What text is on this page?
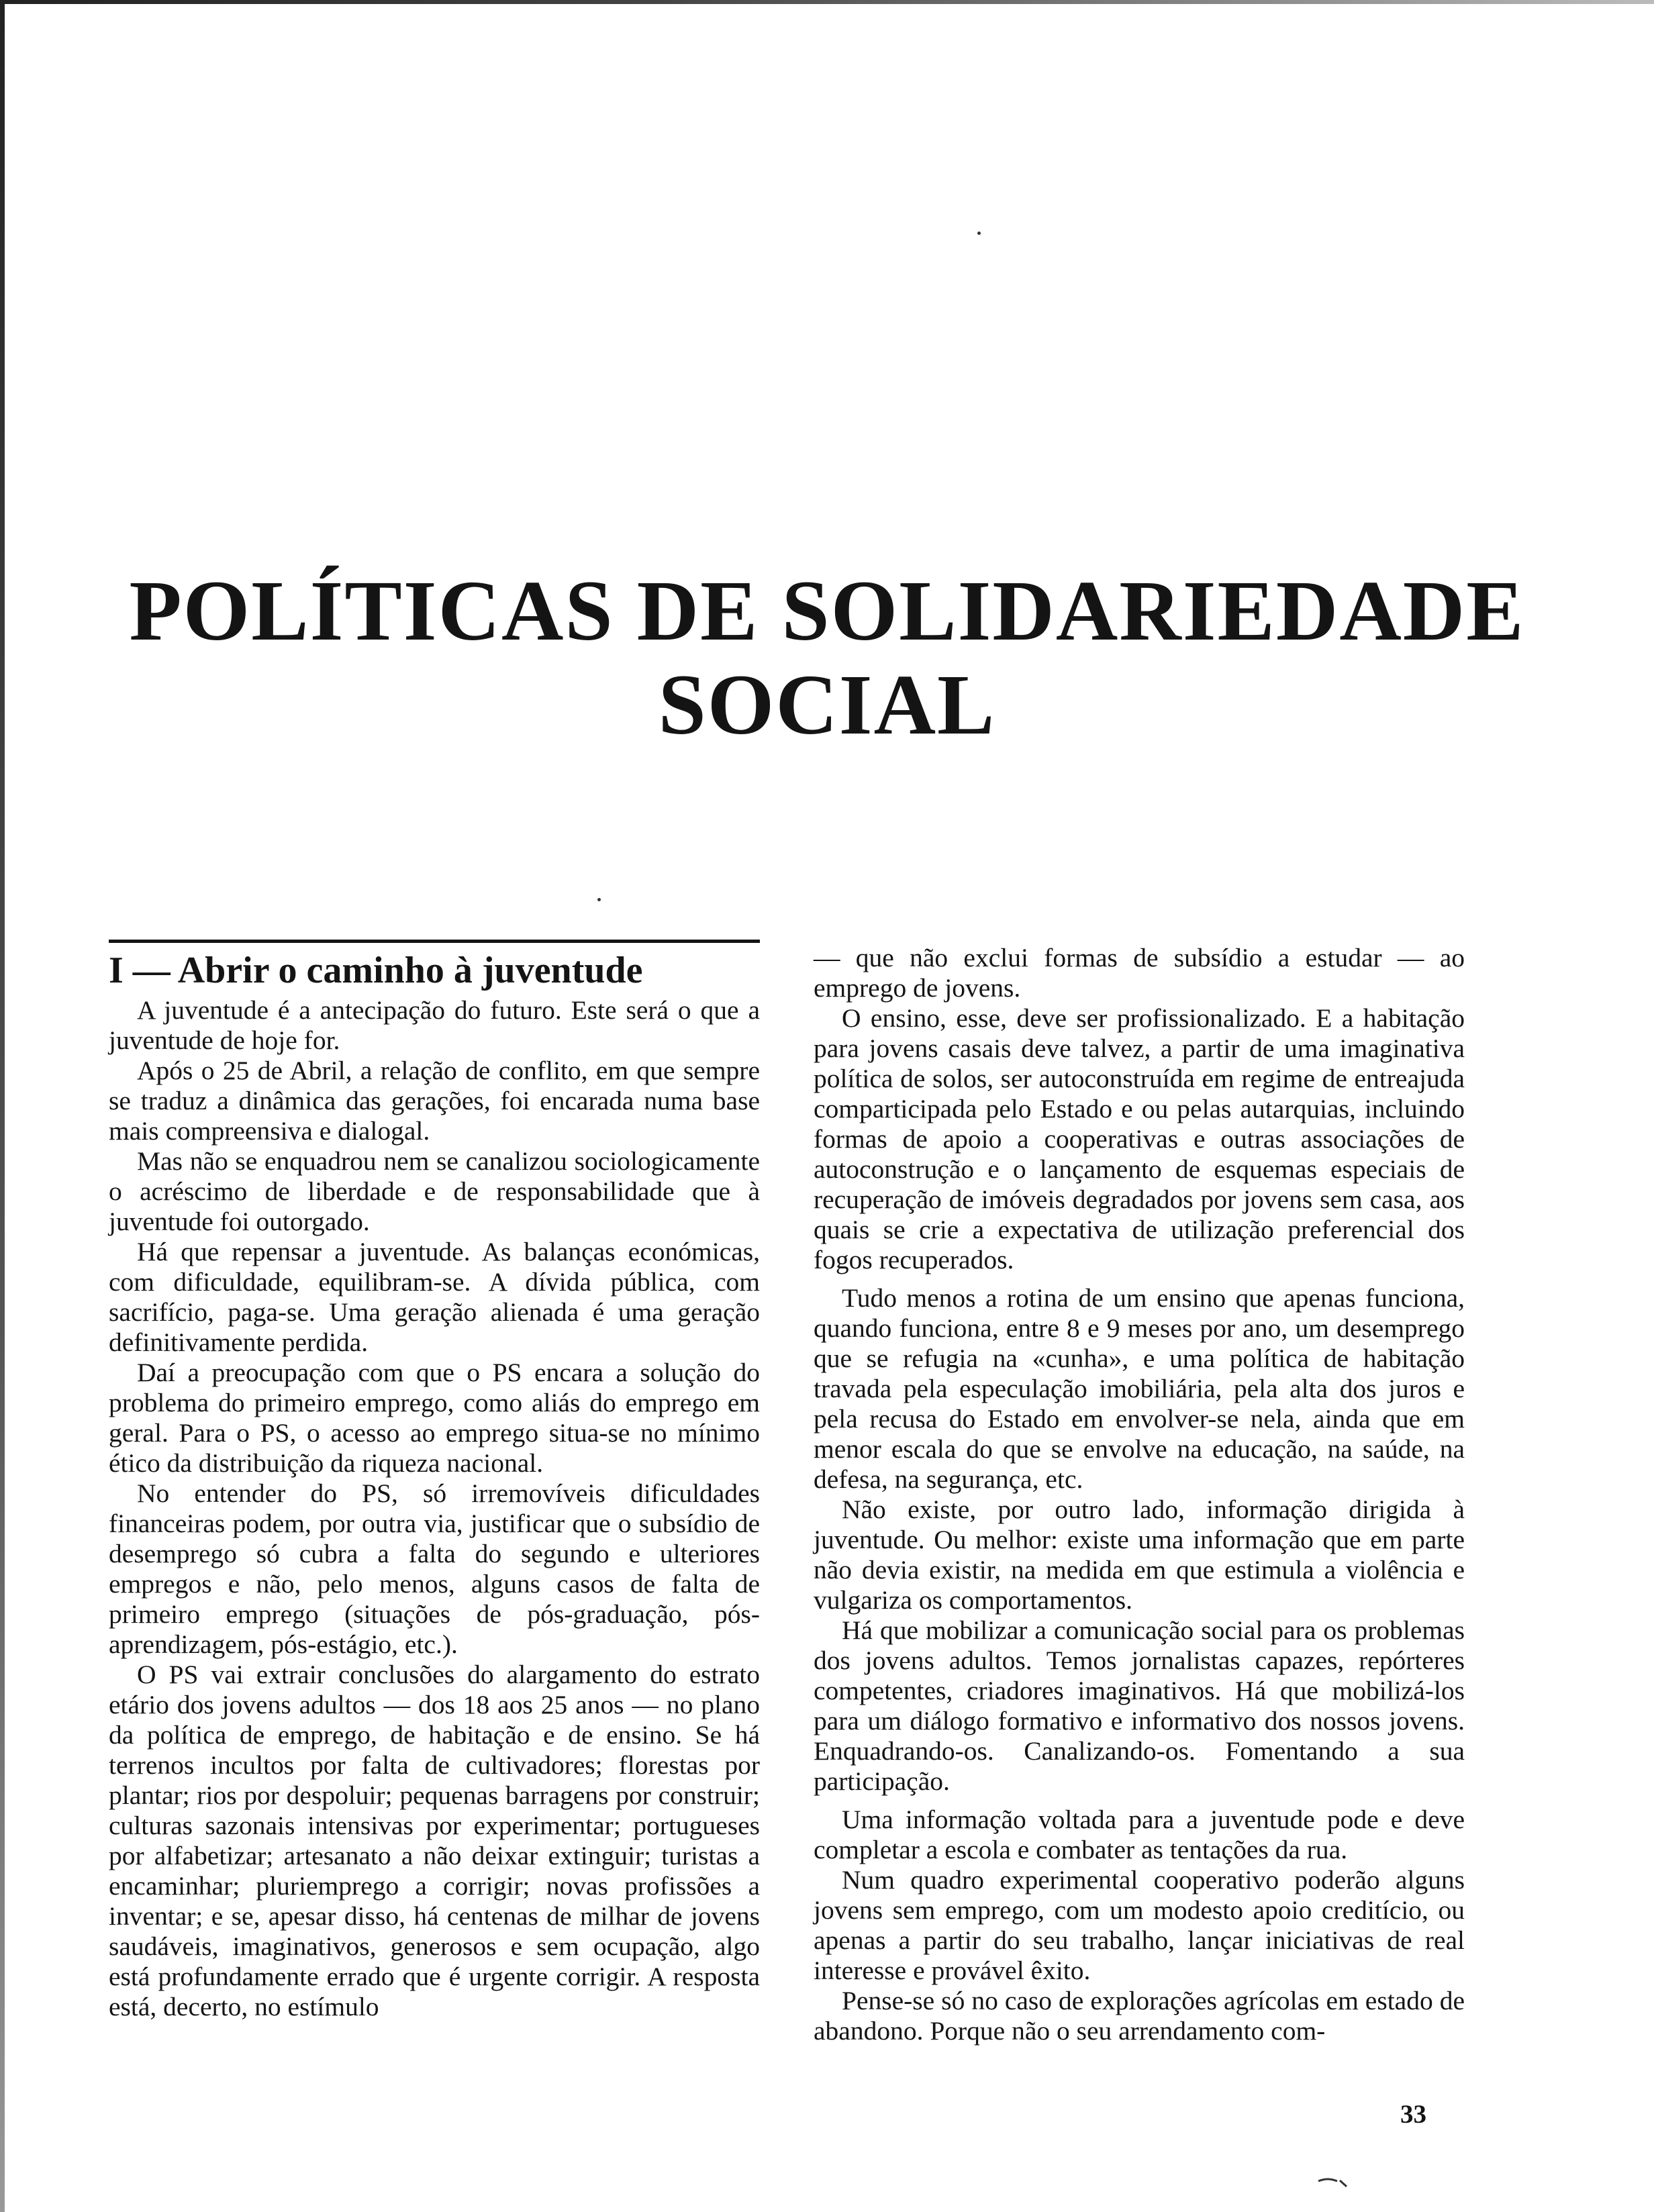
POLÍTICAS DE SOLIDARIEDADE
SOCIAL
I — Abrir o caminho à juventude

A juventude é a antecipação do futuro. Este será o que a juventude de hoje for.

Após o 25 de Abril, a relação de conflito, em que sempre se traduz a dinâmica das gerações, foi encarada numa base mais compreensiva e dialogal.

Mas não se enquadrou nem se canalizou sociologicamente o acréscimo de liberdade e de responsabilidade que à juventude foi outorgado.

Há que repensar a juventude. As balanças económicas, com dificuldade, equilibram-se. A dívida pública, com sacrifício, paga-se. Uma geração alienada é uma geração definitivamente perdida.

Daí a preocupação com que o PS encara a solução do problema do primeiro emprego, como aliás do emprego em geral. Para o PS, o acesso ao emprego situa-se no mínimo ético da distribuição da riqueza nacional.

No entender do PS, só irremovíveis dificuldades financeiras podem, por outra via, justificar que o subsídio de desemprego só cubra a falta do segundo e ulteriores empregos e não, pelo menos, alguns casos de falta de primeiro emprego (situações de pós-graduação, pós-aprendizagem, pós-estágio, etc.).

O PS vai extrair conclusões do alargamento do estrato etário dos jovens adultos — dos 18 aos 25 anos — no plano da política de emprego, de habitação e de ensino. Se há terrenos incultos por falta de cultivadores; florestas por plantar; rios por despoluir; pequenas barragens por construir; culturas sazonais intensivas por experimentar; portugueses por alfabetizar; artesanato a não deixar extinguir; turistas a encaminhar; pluriemprego a corrigir; novas profissões a inventar; e se, apesar disso, há centenas de milhar de jovens saudáveis, imaginativos, generosos e sem ocupação, algo está profundamente errado que é urgente corrigir. A resposta está, decerto, no estímulo

— que não exclui formas de subsídio a estudar — ao emprego de jovens.

O ensino, esse, deve ser profissionalizado. E a habitação para jovens casais deve talvez, a partir de uma imaginativa política de solos, ser autoconstruída em regime de entreajuda comparticipada pelo Estado e ou pelas autarquias, incluindo formas de apoio a cooperativas e outras associações de autoconstrução e o lançamento de esquemas especiais de recuperação de imóveis degradados por jovens sem casa, aos quais se crie a expectativa de utilização preferencial dos fogos recuperados.

Tudo menos a rotina de um ensino que apenas funciona, quando funciona, entre 8 e 9 meses por ano, um desemprego que se refugia na «cunha», e uma política de habitação travada pela especulação imobiliária, pela alta dos juros e pela recusa do Estado em envolver-se nela, ainda que em menor escala do que se envolve na educação, na saúde, na defesa, na segurança, etc.

Não existe, por outro lado, informação dirigida à juventude. Ou melhor: existe uma informação que em parte não devia existir, na medida em que estimula a violência e vulgariza os comportamentos.

Há que mobilizar a comunicação social para os problemas dos jovens adultos. Temos jornalistas capazes, repórteres competentes, criadores imaginativos. Há que mobilizá-los para um diálogo formativo e informativo dos nossos jovens. Enquadrando-os. Canalizando-os. Fomentando a sua participação.

Uma informação voltada para a juventude pode e deve completar a escola e combater as tentações da rua.

Num quadro experimental cooperativo poderão alguns jovens sem emprego, com um modesto apoio creditício, ou apenas a partir do seu trabalho, lançar iniciativas de real interesse e provável êxito.

Pense-se só no caso de explorações agrícolas em estado de abandono. Porque não o seu arrendamento com-

33
